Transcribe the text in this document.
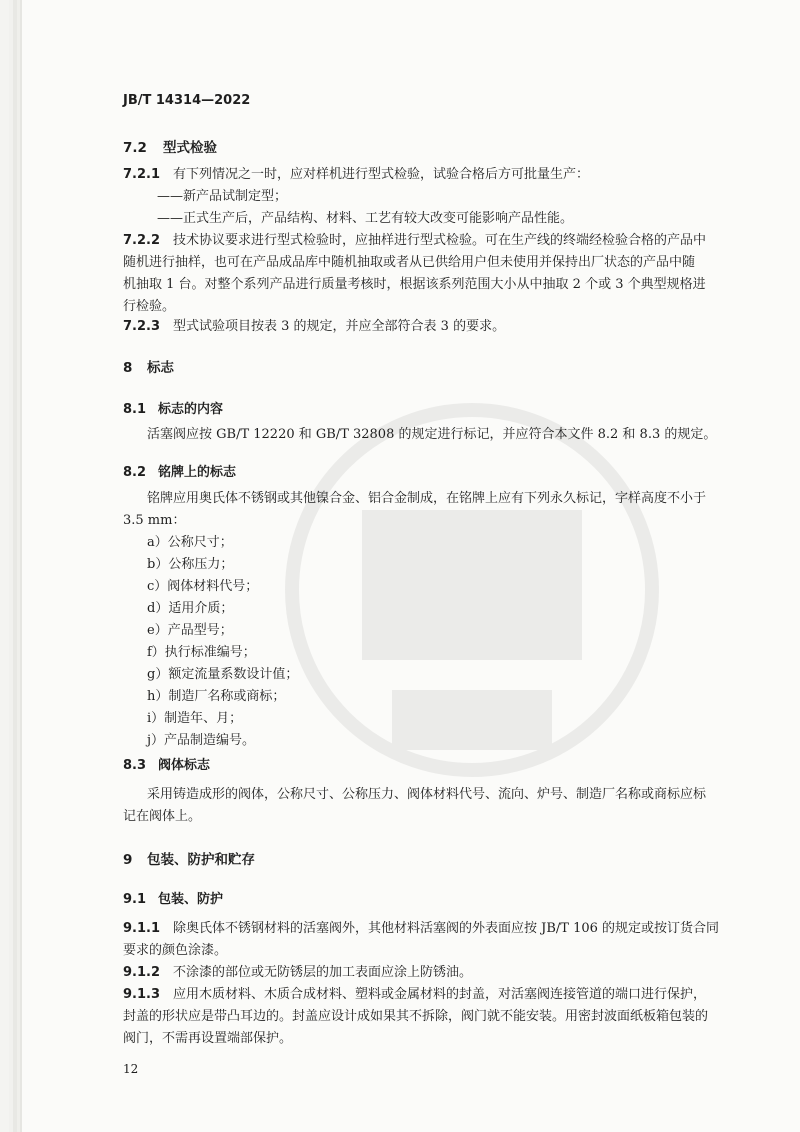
JB/T 14314—2022
7.2 型式检验
7.2.1 有下列情况之一时，应对样机进行型式检验，试验合格后方可批量生产：
——新产品试制定型；
——正式生产后，产品结构、材料、工艺有较大改变可能影响产品性能。
7.2.2 技术协议要求进行型式检验时，应抽样进行型式检验。可在生产线的终端经检验合格的产品中
随机进行抽样，也可在产品成品库中随机抽取或者从已供给用户但未使用并保持出厂状态的产品中随
机抽取 1 台。对整个系列产品进行质量考核时，根据该系列范围大小从中抽取 2 个或 3 个典型规格进
行检验。
7.2.3 型式试验项目按表 3 的规定，并应全部符合表 3 的要求。
8 标志
8.1 标志的内容
活塞阀应按 GB/T 12220 和 GB/T 32808 的规定进行标记，并应符合本文件 8.2 和 8.3 的规定。
8.2 铭牌上的标志
铭牌应用奥氏体不锈钢或其他镍合金、铝合金制成，在铭牌上应有下列永久标记，字样高度不小于
3.5 mm：
a）公称尺寸；
b）公称压力；
c）阀体材料代号；
d）适用介质；
e）产品型号；
f）执行标准编号；
g）额定流量系数设计值；
h）制造厂名称或商标；
i）制造年、月；
j）产品制造编号。
8.3 阀体标志
采用铸造成形的阀体，公称尺寸、公称压力、阀体材料代号、流向、炉号、制造厂名称或商标应标
记在阀体上。
9 包装、防护和贮存
9.1 包装、防护
9.1.1 除奥氏体不锈钢材料的活塞阀外，其他材料活塞阀的外表面应按 JB/T 106 的规定或按订货合同
要求的颜色涂漆。
9.1.2 不涂漆的部位或无防锈层的加工表面应涂上防锈油。
9.1.3 应用木质材料、木质合成材料、塑料或金属材料的封盖，对活塞阀连接管道的端口进行保护，
封盖的形状应是带凸耳边的。封盖应设计成如果其不拆除，阀门就不能安装。用密封波面纸板箱包装的
阀门，不需再设置端部保护。
12
